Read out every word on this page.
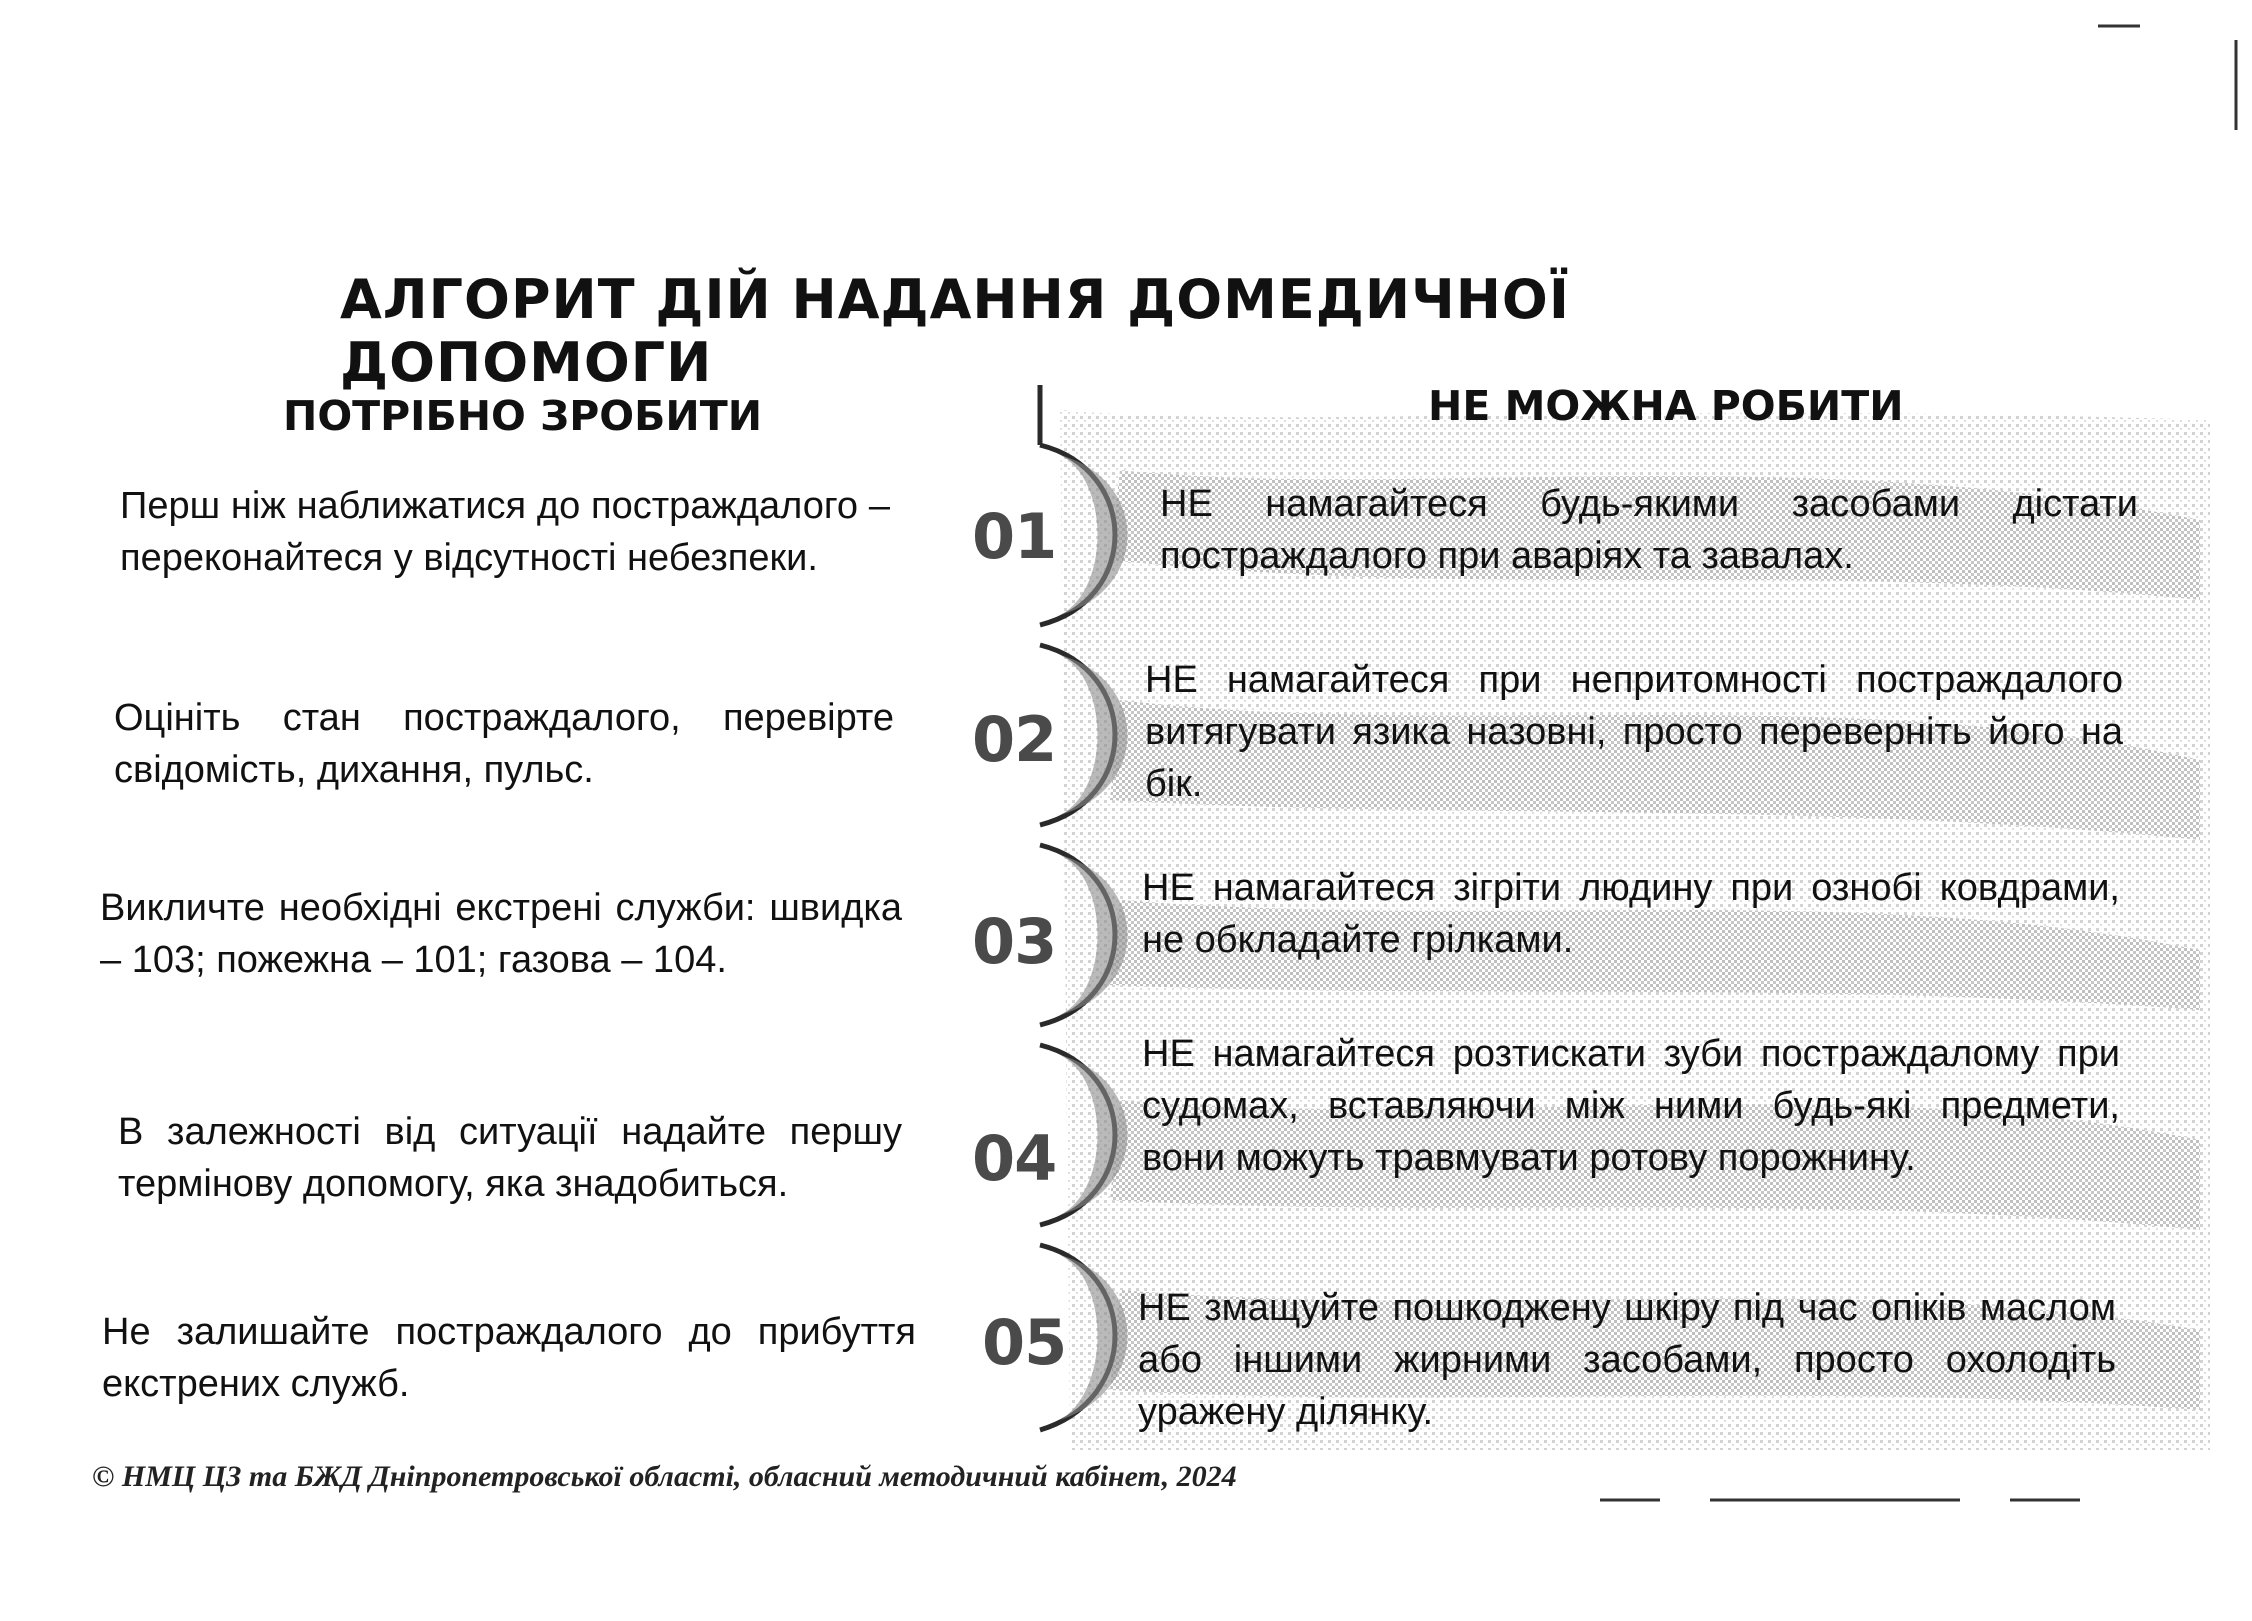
АЛГОРИТ ДІЙ НАДАННЯ ДОМЕДИЧНОЇ ДОПОМОГИ
ПОТРІБНО ЗРОБИТИ	НЕ МОЖНА РОБИТИ
Перш ніж наближатися до постраждалого – переконайтеся у відсутності небезпеки.
Оцініть стан постраждалого, перевірте свідомість, дихання, пульс.
Викличте необхідні екстрені служби: швидка – 103; пожежна – 101; газова – 104.
В залежності від ситуації надайте першу термінову допомогу, яка знадобиться.
Не залишайте постраждалого до прибуття екстрених служб.
01
02
03
04
05
НЕ намагайтеся будь-якими засобами дістати постраждалого при аваріях та завалах.
НЕ намагайтеся при непритомності постраждалого витягувати язика назовні, просто переверніть його на бік.
НЕ намагайтеся зігріти людину при ознобі ковдрами, не обкладайте грілками.
НЕ намагайтеся розтискати зуби постраждалому при судомах, вставляючи між ними будь-які предмети, вони можуть травмувати ротову порожнину.
НЕ змащуйте пошкоджену шкіру під час опіків маслом або іншими жирними засобами, просто охолодіть уражену ділянку.
© НМЦ ЦЗ та БЖД Дніпропетровської області, обласний методичний кабінет, 2024
